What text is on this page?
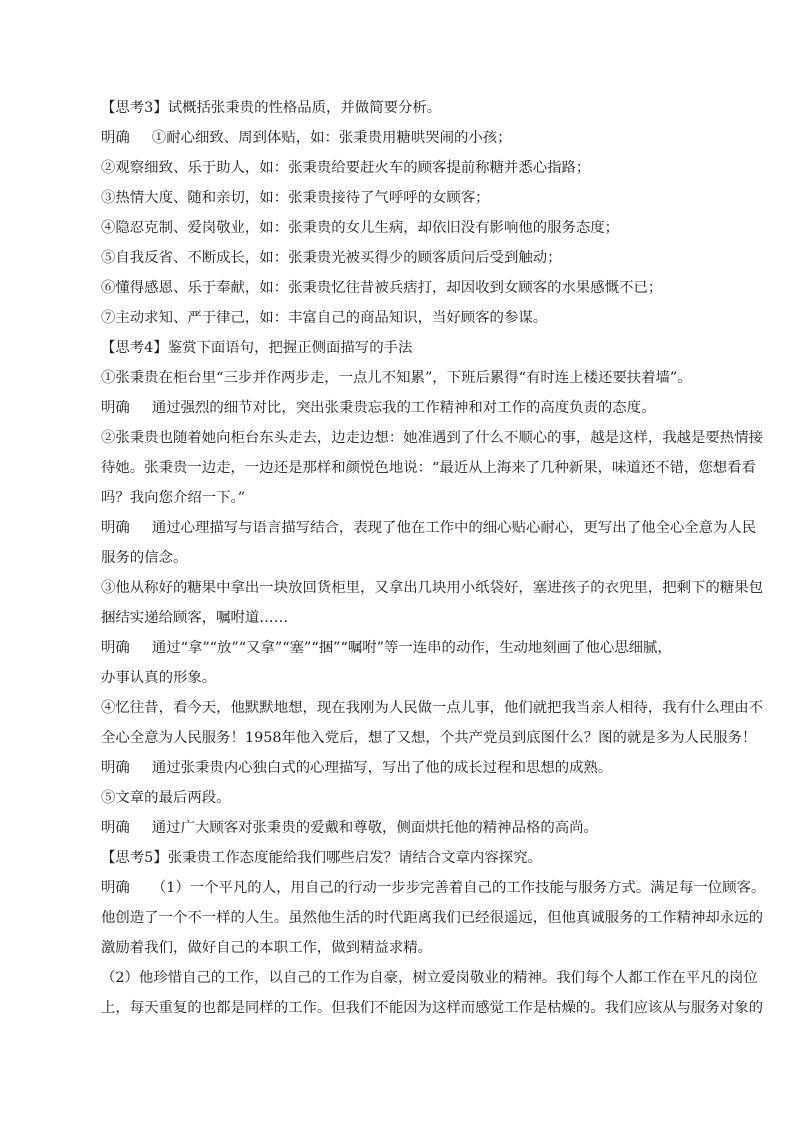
【思考3】试概括张秉贵的性格品质，并做简要分析。
明确 ①耐心细致、周到体贴，如：张秉贵用糖哄哭闹的小孩；
②观察细致、乐于助人，如：张秉贵给要赶火车的顾客提前称糖并悉心指路；
③热情大度、随和亲切，如：张秉贵接待了气呼呼的女顾客；
④隐忍克制、爱岗敬业，如：张秉贵的女儿生病，却依旧没有影响他的服务态度；
⑤自我反省、不断成长，如：张秉贵光被买得少的顾客质问后受到触动；
⑥懂得感恩、乐于奉献，如：张秉贵忆往昔被兵痞打，却因收到女顾客的水果感慨不已；
⑦主动求知、严于律己，如：丰富自己的商品知识，当好顾客的参谋。
【思考4】鉴赏下面语句，把握正侧面描写的手法
①张秉贵在柜台里“三步并作两步走，一点儿不知累”，下班后累得“有时连上楼还要扶着墙”。
明确 通过强烈的细节对比，突出张秉贵忘我的工作精神和对工作的高度负责的态度。
②张秉贵也随着她向柜台东头走去，边走边想：她准遇到了什么不顺心的事，越是这样，我越是要热情接
待她。张秉贵一边走，一边还是那样和颜悦色地说：“最近从上海来了几种新果，味道还不错，您想看看
吗？我向您介绍一下。”
明确 通过心理描写与语言描写结合，表现了他在工作中的细心贴心耐心，更写出了他全心全意为人民
服务的信念。
③他从称好的糖果中拿出一块放回货柜里，又拿出几块用小纸袋好，塞进孩子的衣兜里，把剩下的糖果包
捆结实递给顾客，嘱咐道……
明确 通过“拿”“放”“又拿”“塞”“捆”“嘱咐”等一连串的动作，生动地刻画了他心思细腻，
办事认真的形象。
④忆往昔，看今天，他默默地想，现在我刚为人民做一点儿事，他们就把我当亲人相待，我有什么理由不
全心全意为人民服务！1958年他入党后，想了又想，个共产党员到底图什么？图的就是多为人民服务！
明确 通过张秉贵内心独白式的心理描写，写出了他的成长过程和思想的成熟。
⑤文章的最后两段。
明确 通过广大顾客对张秉贵的爱戴和尊敬，侧面烘托他的精神品格的高尚。
【思考5】张秉贵工作态度能给我们哪些启发？请结合文章内容探究。
明确 （1）一个平凡的人，用自己的行动一步步完善着自己的工作技能与服务方式。满足每一位顾客。
他创造了一个不一样的人生。虽然他生活的时代距离我们已经很遥远，但他真诚服务的工作精神却永远的
激励着我们，做好自己的本职工作，做到精益求精。
（2）他珍惜自己的工作，以自己的工作为自豪，树立爱岗敬业的精神。我们每个人都工作在平凡的岗位
上，每天重复的也都是同样的工作。但我们不能因为这样而感觉工作是枯燥的。我们应该从与服务对象的
